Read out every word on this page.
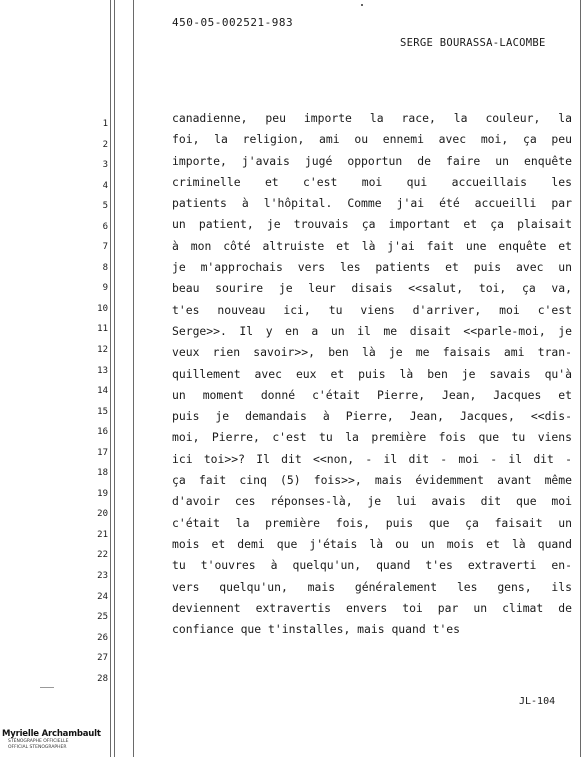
450-05-002521-983
SERGE BOURASSA-LACOMBE
1
2
3
4
5
6
7
8
9
10
11
12
13
14
15
16
17
18
19
20
21
22
23
24
25
26
27
28
canadienne, peu importe la race, la couleur, la
foi, la religion, ami ou ennemi avec moi, ça peu
importe, j'avais jugé opportun de faire un enquête
criminelle et c'est moi qui accueillais les
patients à l'hôpital. Comme j'ai été accueilli par
un patient, je trouvais ça important et ça plaisait
à mon côté altruiste et là j'ai fait une enquête et
je m'approchais vers les patients et puis avec un
beau sourire je leur disais <<salut, toi, ça va,
t'es nouveau ici, tu viens d'arriver, moi c'est
Serge>>. Il y en a un il me disait <<parle-moi, je
veux rien savoir>>, ben là je me faisais ami tran-
quillement avec eux et puis là ben je savais qu'à
un moment donné c'était Pierre, Jean, Jacques et
puis je demandais à Pierre, Jean, Jacques, <<dis-
moi, Pierre, c'est tu la première fois que tu viens
ici toi>>? Il dit <<non, - il dit - moi - il dit -
ça fait cinq (5) fois>>, mais évidemment avant même
d'avoir ces réponses-là, je lui avais dit que moi
c'était la première fois, puis que ça faisait un
mois et demi que j'étais là ou un mois et là quand
tu t'ouvres à quelqu'un, quand t'es extraverti en-
vers quelqu'un, mais généralement les gens, ils
deviennent extravertis envers toi par un climat de
confiance que t'installes, mais quand t'es
JL-104
Myrielle Archambault
STÉNOGRAPHE OFFICIELLE
OFFICIAL STENOGRAPHER
